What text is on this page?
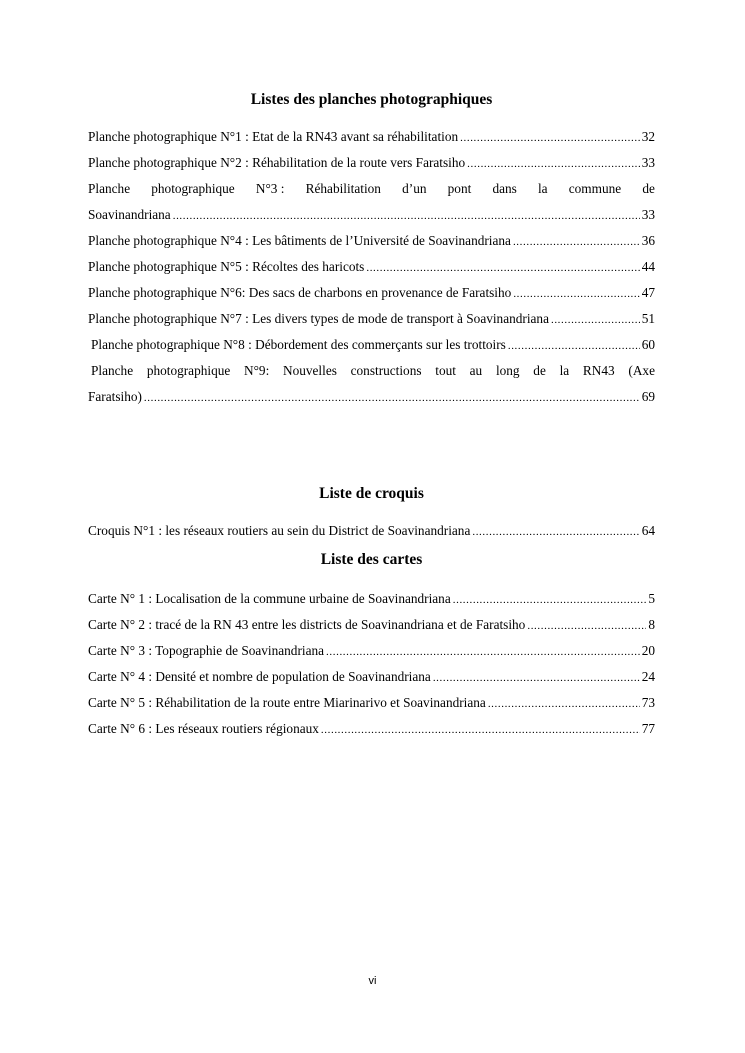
Listes des planches photographiques
Planche photographique N°1 : Etat de la RN43 avant sa réhabilitation .....	32
Planche photographique N°2 : Réhabilitation de la route vers Faratsiho .....	33
Planche photographique N°3 : Réhabilitation d’un pont dans la commune de
Soavinandriana .....	33
Planche photographique N°4 : Les bâtiments de l’Université de Soavinandriana .....	36
Planche photographique N°5 : Récoltes des haricots .....	44
Planche photographique N°6: Des sacs de charbons en provenance de Faratsiho .....	47
Planche photographique N°7 : Les divers types de mode de transport à Soavinandriana .....	51
Planche photographique N°8 : Débordement des commerçants sur les trottoirs .....	60
Planche photographique N°9: Nouvelles constructions tout au long de la RN43 (Axe
Faratsiho) .....	69
Liste de croquis
Croquis N°1 : les réseaux routiers au sein du District de Soavinandriana .....	64
Liste des cartes
Carte N° 1 : Localisation de la commune urbaine de Soavinandriana .....	5
Carte N° 2 : tracé de la RN 43 entre les districts de Soavinandriana et de Faratsiho .....	8
Carte N° 3 : Topographie de Soavinandriana .....	20
Carte N° 4 : Densité et nombre de population de Soavinandriana .....	24
Carte N° 5 : Réhabilitation de la route entre Miarinarivo et Soavinandriana .....	73
Carte N° 6 : Les réseaux routiers régionaux .....	77
vi
